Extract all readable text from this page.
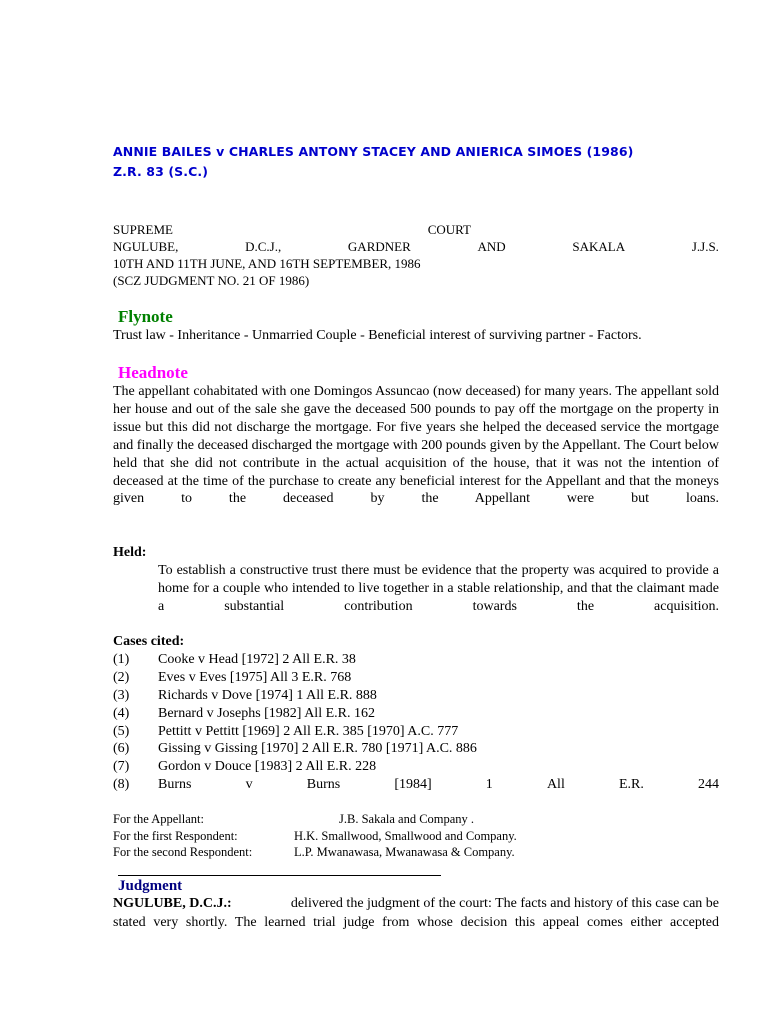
ANNIE BAILES v CHARLES ANTONY STACEY AND ANIERICA SIMOES (1986)
Z.R. 83 (S.C.)
SUPREME	COURT
NGULUBE,	D.C.J.,	GARDNER	AND	SAKALA	J.J.S.
10TH AND 11TH JUNE, AND 16TH SEPTEMBER, 1986
(SCZ JUDGMENT NO. 21 OF 1986)
Flynote
Trust law - Inheritance - Unmarried Couple - Beneficial interest of surviving partner - Factors.
Headnote
The appellant cohabitated with one Domingos Assuncao (now deceased) for many years. The appellant sold her house and out of the sale she gave the deceased 500 pounds to pay off the mortgage on the property in issue but this did not discharge the mortgage. For five years she helped the deceased service the mortgage and finally the deceased discharged the mortgage with 200 pounds given by the Appellant. The Court below held that she did not contribute in the actual acquisition of the house, that it was not the intention of deceased at the time of the purchase to create any beneficial interest for the Appellant and that the moneys given to the deceased by the Appellant were but loans.
Held:
To establish a constructive trust there must be evidence that the property was acquired to provide a home for a couple who intended to live together in a stable relationship, and that the claimant made a substantial contribution towards the acquisition.
Cases cited:
(1) Cooke v Head [1972] 2 All E.R. 38
(2) Eves v Eves [1975] All 3 E.R. 768
(3) Richards v Dove [1974] 1 All E.R. 888
(4) Bernard v Josephs [1982] All E.R. 162
(5) Pettitt v Pettitt [1969] 2 All E.R. 385 [1970] A.C. 777
(6) Gissing v Gissing [1970] 2 All E.R. 780 [1971] A.C. 886
(7) Gordon v Douce [1983] 2 All E.R. 228
(8) Burns	v	Burns	[1984]	1	All	E.R.	244
For the Appellant:	J.B. Sakala and Company .
For the first Respondent:	H.K. Smallwood, Smallwood and Company.
For the second Respondent:	L.P. Mwanawasa, Mwanawasa & Company.
Judgment
NGULUBE, D.C.J.:	delivered the judgment of the court: The facts and history of this case can be
stated very shortly. The learned trial judge from whose decision this appeal comes either accepted
